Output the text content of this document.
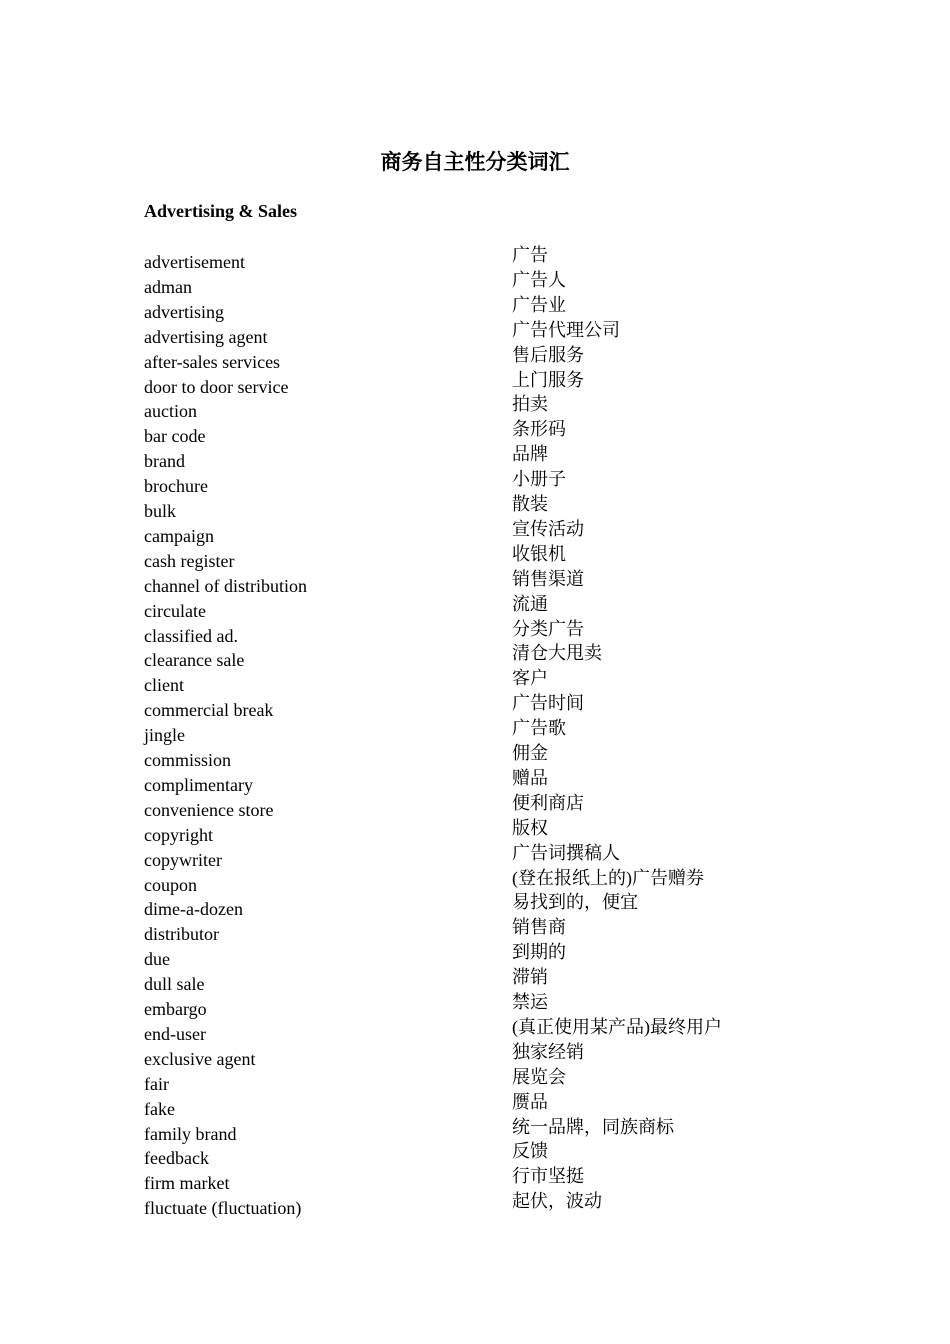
商务自主性分类词汇
Advertising & Sales
advertisement	广告
adman	广告人
advertising	广告业
advertising agent	广告代理公司
after-sales services	售后服务
door to door service	上门服务
auction	拍卖
bar code	条形码
brand	品牌
brochure	小册子
bulk	散装
campaign	宣传活动
cash register	收银机
channel of distribution	销售渠道
circulate	流通
classified ad.	分类广告
clearance sale	清仓大甩卖
client	客户
commercial break	广告时间
jingle	广告歌
commission	佣金
complimentary	赠品
convenience store	便利商店
copyright	版权
copywriter	广告词撰稿人
coupon	(登在报纸上的)广告赠券
dime-a-dozen	易找到的，便宜
distributor	销售商
due	到期的
dull sale	滞销
embargo	禁运
end-user	(真正使用某产品)最终用户
exclusive agent	独家经销
fair	展览会
fake	赝品
family brand	统一品牌，同族商标
feedback	反馈
firm market	行市坚挺
fluctuate (fluctuation)	起伏，波动
